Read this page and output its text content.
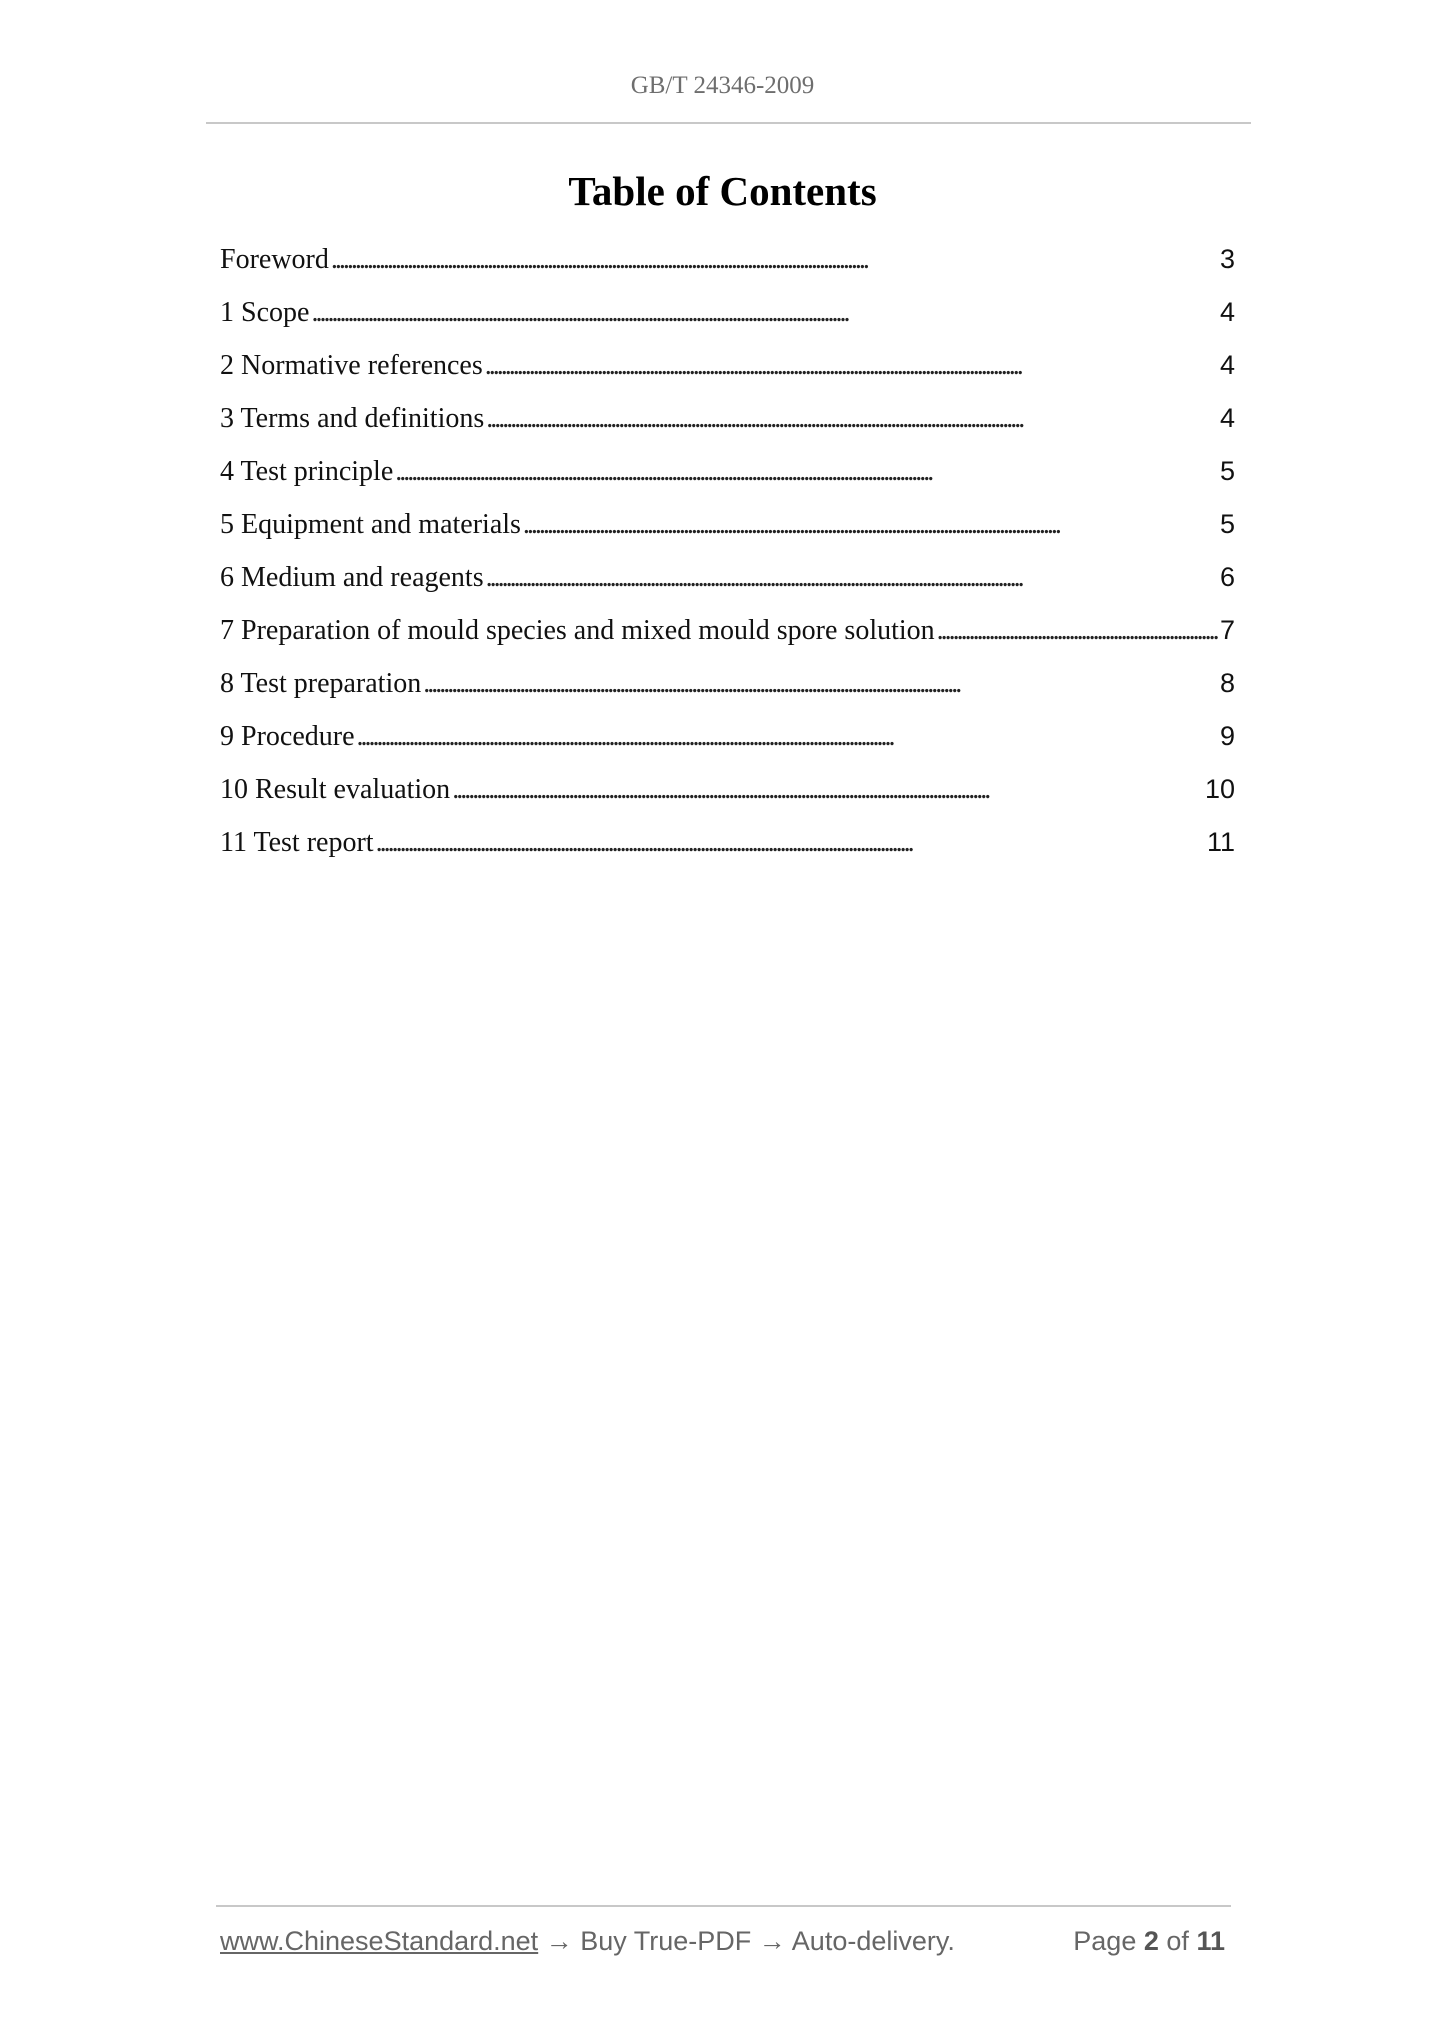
GB/T 24346-2009
Table of Contents
Foreword . . .	3
1 Scope . . .	4
2 Normative references . . .	4
3 Terms and definitions . . .	4
4 Test principle . . .	5
5 Equipment and materials . . .	5
6 Medium and reagents . . .	6
7 Preparation of mould species and mixed mould spore solution . . .	7
8 Test preparation . . .	8
9 Procedure . . .	9
10 Result evaluation . . .	10
11 Test report . . .	11
www.ChineseStandard.net → Buy True-PDF → Auto-delivery.	Page 2 of 11
